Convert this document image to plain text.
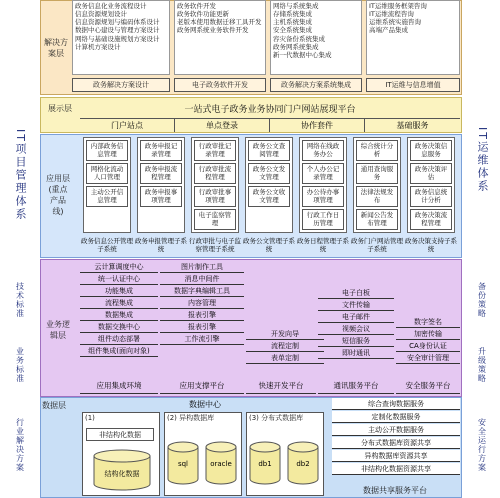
IT项目管理体系
技术标准
业务标准
行业解决方案
IT运维体系
备份策略
升级策略
安全运行方案
解决方
案层
政务信息化业务流程设计
信息资源规划设计
信息资源规划与编码体系设计
数据中心建设与管理方案设计
网络与基础设施规划方案设计
计算机方案设计
政务软件开发
政务软件功能更新
老版本使用数据迁移工具开发
政务网系统业务软件开发
网络与系统集成
存储系统集成
主机系统集成
安全系统集成
容灾备份系统集成
政务网系统集成
新一代数据中心集成
IT运维服务框架咨询
IT运维流程咨询
运维系统实施咨询
高端产品集成
政务解决方案设计	电子政务软件开发	政务解决方案系统集成	IT运维与信息增值
展示层	一站式电子政务业务协同门户网站展现平台
门户站点	单点登录	协作套件	基础服务
应用层
(重点
产品
线)
内部政务信息管理
网格化流动人口管理
主动公开信息管理
政务信息公开管理子系统
政务申报记录管理
政务申报流程管理
政务申报事项管理
政务申报管理子系统
行政审批记录管理
行政审批流程管理
行政审批事项管理
电子监察管理
行政审批与电子监察管理子系统
政务公文查阅管理
政务公文发文管理
政务公文收文管理
政务公文管理子系统
网络在线政务办公
个人办公记录管理
办公待办事项管理
行政工作日历管理
政务日程管理子系统
综合统计分析
通用查询服务
法律法规发布
新闻公告发布管理
政务门户网站管理子系统
政务决策信息服务
政务决策评估
政务信息统计分析
政务决策流程管理
政务决策支持子系统
业务逻
辑层
云计算调度中心
统一认证中心
功能集成
流程集成
数据集成
数据交换中心
组件动态部署
组件集成(面向对象)
图片制作工具
消息中间件
数据字典编辑工具
内容管理
报表引擎
报表引擎
工作流引擎
开发向导
流程定制
表单定制
电子白板
文件传输
电子邮件
视频会议
短信服务
即时通讯
数字签名
加密传输
CA身份认证
安全审计管理
应用集成环境	应用支撑平台	快速开发平台	通讯服务平台	安全服务平台
数据层	数据中心
(1)
非结构化数据
结构化数据
(2) 异构数据库
sql	oracle
(3) 分布式数据库
db1	db2
综合查询数据服务
定制化数据服务
主动公开数据服务
分布式数据库资源共享
异构数据库资源共享
非结构化数据资源共享
数据共享服务平台
